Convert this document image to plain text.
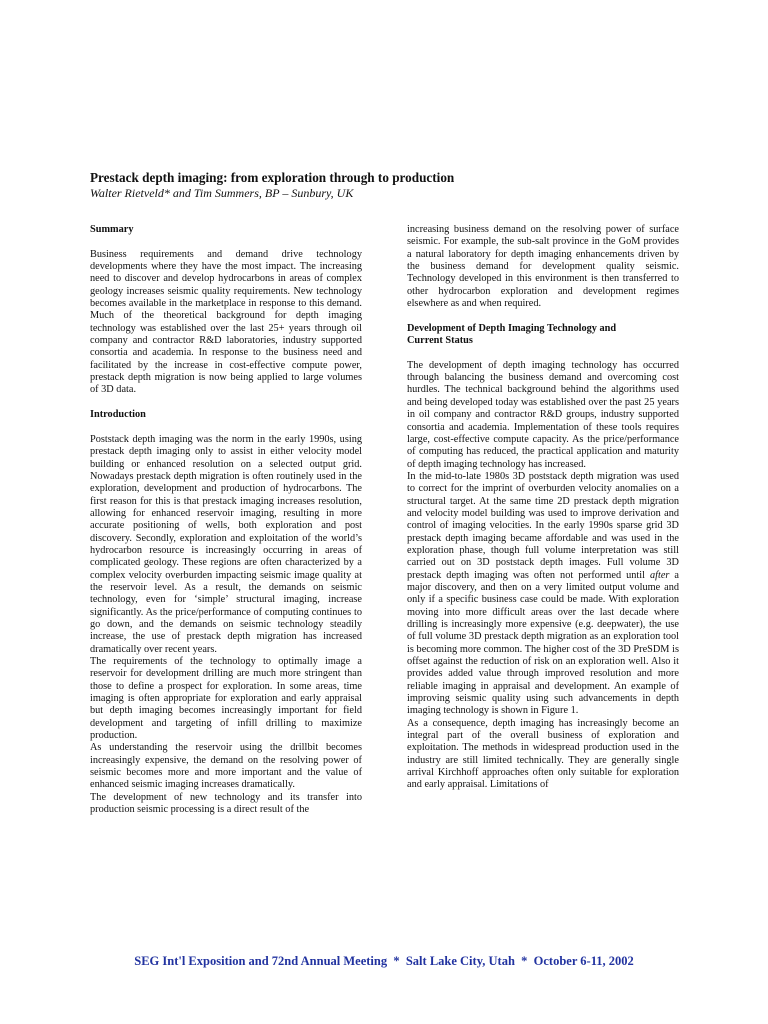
Prestack depth imaging: from exploration through to production
Walter Rietveld* and Tim Summers, BP – Sunbury, UK
Summary

Business requirements and demand drive technology developments where they have the most impact. The increasing need to discover and develop hydrocarbons in areas of complex geology increases seismic quality requirements. New technology becomes available in the marketplace in response to this demand. Much of the theoretical background for depth imaging technology was established over the last 25+ years through oil company and contractor R&D laboratories, industry supported consortia and academia. In response to the business need and facilitated by the increase in cost-effective compute power, prestack depth migration is now being applied to large volumes of 3D data.

Introduction

Poststack depth imaging was the norm in the early 1990s, using prestack depth imaging only to assist in either velocity model building or enhanced resolution on a selected output grid. Nowadays prestack depth migration is often routinely used in the exploration, development and production of hydrocarbons. The first reason for this is that prestack imaging increases resolution, allowing for enhanced reservoir imaging, resulting in more accurate positioning of wells, both exploration and post discovery. Secondly, exploration and exploitation of the world’s hydrocarbon resource is increasingly occurring in areas of complicated geology. These regions are often characterized by a complex velocity overburden impacting seismic image quality at the reservoir level. As a result, the demands on seismic technology, even for ‘simple’ structural imaging, increase significantly. As the price/performance of computing continues to go down, and the demands on seismic technology steadily increase, the use of prestack depth migration has increased dramatically over recent years.

The requirements of the technology to optimally image a reservoir for development drilling are much more stringent than those to define a prospect for exploration. In some areas, time imaging is often appropriate for exploration and early appraisal but depth imaging becomes increasingly important for field development and targeting of infill drilling to maximize production.

As understanding the reservoir using the drillbit becomes increasingly expensive, the demand on the resolving power of seismic becomes more and more important and the value of enhanced seismic imaging increases dramatically.

The development of new technology and its transfer into production seismic processing is a direct result of the

increasing business demand on the resolving power of surface seismic. For example, the sub-salt province in the GoM provides a natural laboratory for depth imaging enhancements driven by the business demand for development quality seismic. Technology developed in this environment is then transferred to other hydrocarbon exploration and development regimes elsewhere as and when required.

Development of Depth Imaging Technology and
Current Status

The development of depth imaging technology has occurred through balancing the business demand and overcoming cost hurdles. The technical background behind the algorithms used and being developed today was established over the past 25 years in oil company and contractor R&D groups, industry supported consortia and academia. Implementation of these tools requires large, cost-effective compute capacity. As the price/performance of computing has reduced, the practical application and maturity of depth imaging technology has increased.

In the mid-to-late 1980s 3D poststack depth migration was used to correct for the imprint of overburden velocity anomalies on a structural target. At the same time 2D prestack depth migration and velocity model building was used to improve derivation and control of imaging velocities. In the early 1990s sparse grid 3D prestack depth imaging became affordable and was used in the exploration phase, though full volume interpretation was still carried out on 3D poststack depth images. Full volume 3D prestack depth imaging was often not performed until after a major discovery, and then on a very limited output volume and only if a specific business case could be made. With exploration moving into more difficult areas over the last decade where drilling is increasingly more expensive (e.g. deepwater), the use of full volume 3D prestack depth migration as an exploration tool is becoming more common. The higher cost of the 3D PreSDM is offset against the reduction of risk on an exploration well. Also it provides added value through improved resolution and more reliable imaging in appraisal and development. An example of improving seismic quality using such advancements in depth imaging technology is shown in Figure 1.

As a consequence, depth imaging has increasingly become an integral part of the overall business of exploration and exploitation. The methods in widespread production used in the industry are still limited technically. They are generally single arrival Kirchhoff approaches often only suitable for exploration and early appraisal. Limitations of

SEG Int'l Exposition and 72nd Annual Meeting  *  Salt Lake City, Utah  *  October 6-11, 2002
